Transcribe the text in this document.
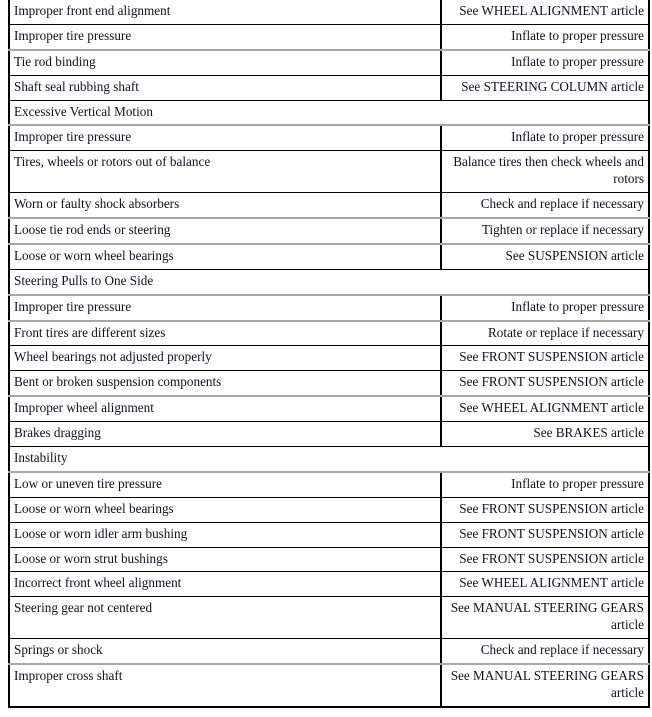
Improper front end alignment	See WHEEL ALIGNMENT article
Improper tire pressure	Inflate to proper pressure
Tie rod binding	Inflate to proper pressure
Shaft seal rubbing shaft	See STEERING COLUMN article
Excessive Vertical Motion	
Improper tire pressure	Inflate to proper pressure
Tires, wheels or rotors out of balance	Balance tires then check wheels and rotors
Worn or faulty shock absorbers	Check and replace if necessary
Loose tie rod ends or steering	Tighten or replace if necessary
Loose or worn wheel bearings	See SUSPENSION article
Steering Pulls to One Side	
Improper tire pressure	Inflate to proper pressure
Front tires are different sizes	Rotate or replace if necessary
Wheel bearings not adjusted properly	See FRONT SUSPENSION article
Bent or broken suspension components	See FRONT SUSPENSION article
Improper wheel alignment	See WHEEL ALIGNMENT article
Brakes dragging	See BRAKES article
Instability	
Low or uneven tire pressure	Inflate to proper pressure
Loose or worn wheel bearings	See FRONT SUSPENSION article
Loose or worn idler arm bushing	See FRONT SUSPENSION article
Loose or worn strut bushings	See FRONT SUSPENSION article
Incorrect front wheel alignment	See WHEEL ALIGNMENT article
Steering gear not centered	See MANUAL STEERING GEARS article
Springs or shock	Check and replace if necessary
Improper cross shaft	See MANUAL STEERING GEARS article
